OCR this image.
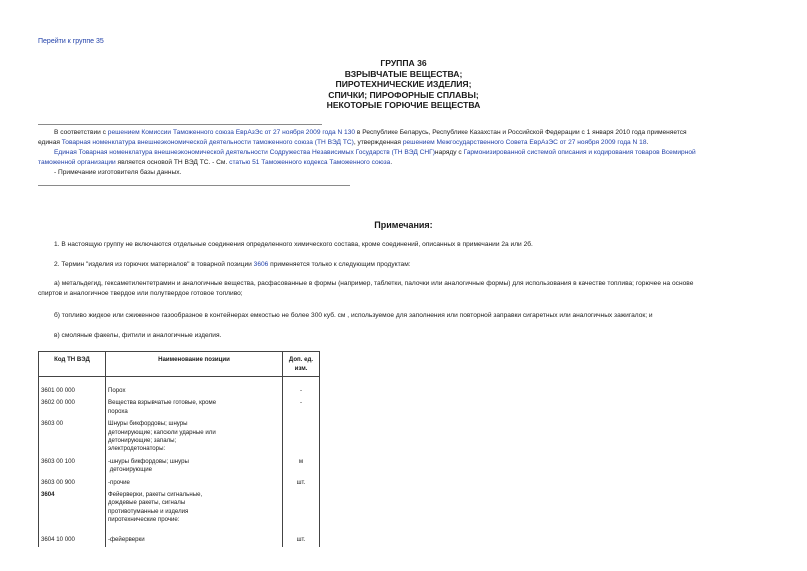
Перейти к группе 35
ГРУППА 36
ВЗРЫВЧАТЫЕ ВЕЩЕСТВА;
ПИРОТЕХНИЧЕСКИЕ ИЗДЕЛИЯ;
СПИЧКИ; ПИРОФОРНЫЕ СПЛАВЫ;
НЕКОТОРЫЕ ГОРЮЧИЕ ВЕЩЕСТВА
В соответствии с решением Комиссии Таможенного союза ЕврАзЭс от 27 ноября 2009 года N 130 в Республике Беларусь, Республике Казахстан и Российской Федерации с 1 января 2010 года применяется
единая Товарная номенклатура внешнеэкономической деятельности таможенного союза (ТН ВЭД ТС), утвержденная решением Межгосударственного Совета ЕврАзЭС от 27 ноября 2009 года N 18.
Единая Товарная номенклатура внешнеэкономической деятельности Содружества Независимых Государств (ТН ВЭД СНГ)наряду с Гармонизированной системой описания и кодирования товаров Всемирной
таможенной организации является основой ТН ВЭД ТС. - См. статью 51 Таможенного кодекса Таможенного союза.
- Примечание изготовителя базы данных.
Примечания:
1. В настоящую группу не включаются отдельные соединения определенного химического состава, кроме соединений, описанных в примечании 2а или 2б.
2. Термин "изделия из горючих материалов" в товарной позиции 3606 применяется только к следующим продуктам:
а) метальдегид, гексаметилентетрамин и аналогичные вещества, расфасованные в формы (например, таблетки, палочки или аналогичные формы) для использования в качестве топлива; горючее на основе
спиртов и аналогичное твердое или полутвердое готовое топливо;
б) топливо жидкое или сжиженное газообразное в контейнерах емкостью не более 300 куб. см , используемое для заполнения или повторной заправки сигаретных или аналогичных зажигалок; и
в) смоляные факелы, фитили и аналогичные изделия.
Код ТН ВЭД	Наименование позиции	Доп. ед.
изм.

3601 00 000	Порох	-
3602 00 000	Вещества взрывчатые готовые, кроме
пороха	-
3603 00	Шнуры бикфордовы; шнуры
детонирующие; капсюли ударные или
детонирующие; запалы;
электродетонаторы:	

3603 00 100	-шнуры бикфордовы; шнуры
детонирующие	м
3603 00 900	-прочие	шт.
3604	Фейерверки, ракеты сигнальные,
дождевые ракеты, сигналы
противотуманные и изделия
пиротехнические прочие:	

3604 10 000	-фейерверки	шт.
